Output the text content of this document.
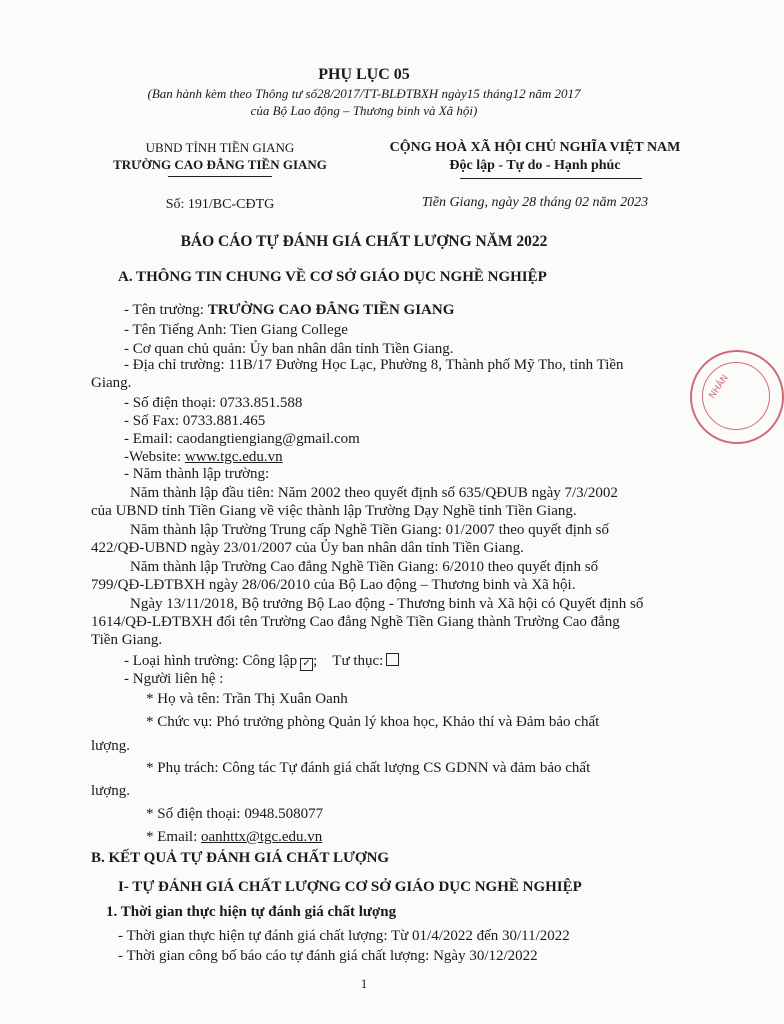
PHỤ LỤC 05
(Ban hành kèm theo Thông tư số28/2017/TT-BLĐTBXH ngày15 tháng12 năm 2017
của Bộ Lao động – Thương binh và Xã hội)
UBND TỈNH TIỀN GIANG
TRƯỜNG CAO ĐẲNG TIỀN GIANG
Số: 191/BC-CĐTG
CỘNG HOÀ XÃ HỘI CHỦ NGHĨA VIỆT NAM
Độc lập - Tự do - Hạnh phúc
Tiền Giang, ngày 28 tháng 02 năm 2023
BÁO CÁO TỰ ĐÁNH GIÁ CHẤT LƯỢNG NĂM 2022
A. THÔNG TIN CHUNG VỀ CƠ SỞ GIÁO DỤC NGHỀ NGHIỆP
- Tên trường: TRƯỜNG CAO ĐẲNG TIỀN GIANG
- Tên Tiếng Anh: Tien Giang College
- Cơ quan chủ quản: Ủy ban nhân dân tỉnh Tiền Giang.
- Địa chỉ trường: 11B/17 Đường Học Lạc, Phường 8, Thành phố Mỹ Tho, tỉnh Tiền
Giang.
- Số điện thoại: 0733.851.588
- Số Fax: 0733.881.465
- Email: caodangtiengiang@gmail.com
-Website: www.tgc.edu.vn
- Năm thành lập trường:
Năm thành lập đầu tiên: Năm 2002 theo quyết định số 635/QĐUB ngày 7/3/2002
của UBND tỉnh Tiền Giang về việc thành lập Trường Dạy Nghề tỉnh Tiền Giang.
Năm thành lập Trường Trung cấp Nghề Tiền Giang: 01/2007 theo quyết định số
422/QĐ-UBND ngày 23/01/2007 của Ủy ban nhân dân tỉnh Tiền Giang.
Năm thành lập Trường Cao đẳng Nghề Tiền Giang: 6/2010 theo quyết định số
799/QĐ-LĐTBXH ngày 28/06/2010 của Bộ Lao động – Thương binh và Xã hội.
Ngày 13/11/2018, Bộ trưởng Bộ Lao động - Thương binh và Xã hội có Quyết định số
1614/QĐ-LĐTBXH đổi tên Trường Cao đẳng Nghề Tiền Giang thành Trường Cao đẳng
Tiền Giang.
- Loại hình trường: Công lập ✓ ;    Tư thục:
- Người liên hệ :
* Họ và tên: Trần Thị Xuân Oanh
* Chức vụ: Phó trưởng phòng Quản lý khoa học, Khảo thí và Đảm bảo chất
lượng.
* Phụ trách: Công tác Tự đánh giá chất lượng CS GDNN và đảm bảo chất
lượng.
* Số điện thoại: 0948.508077
* Email: oanhttx@tgc.edu.vn
B. KẾT QUẢ TỰ ĐÁNH GIÁ CHẤT LƯỢNG
I- TỰ ĐÁNH GIÁ CHẤT LƯỢNG CƠ SỞ GIÁO DỤC NGHỀ NGHIỆP
1. Thời gian thực hiện tự đánh giá chất lượng
- Thời gian thực hiện tự đánh giá chất lượng: Từ 01/4/2022 đến 30/11/2022
- Thời gian công bố báo cáo tự đánh giá chất lượng: Ngày 30/12/2022
1
NHÂN
